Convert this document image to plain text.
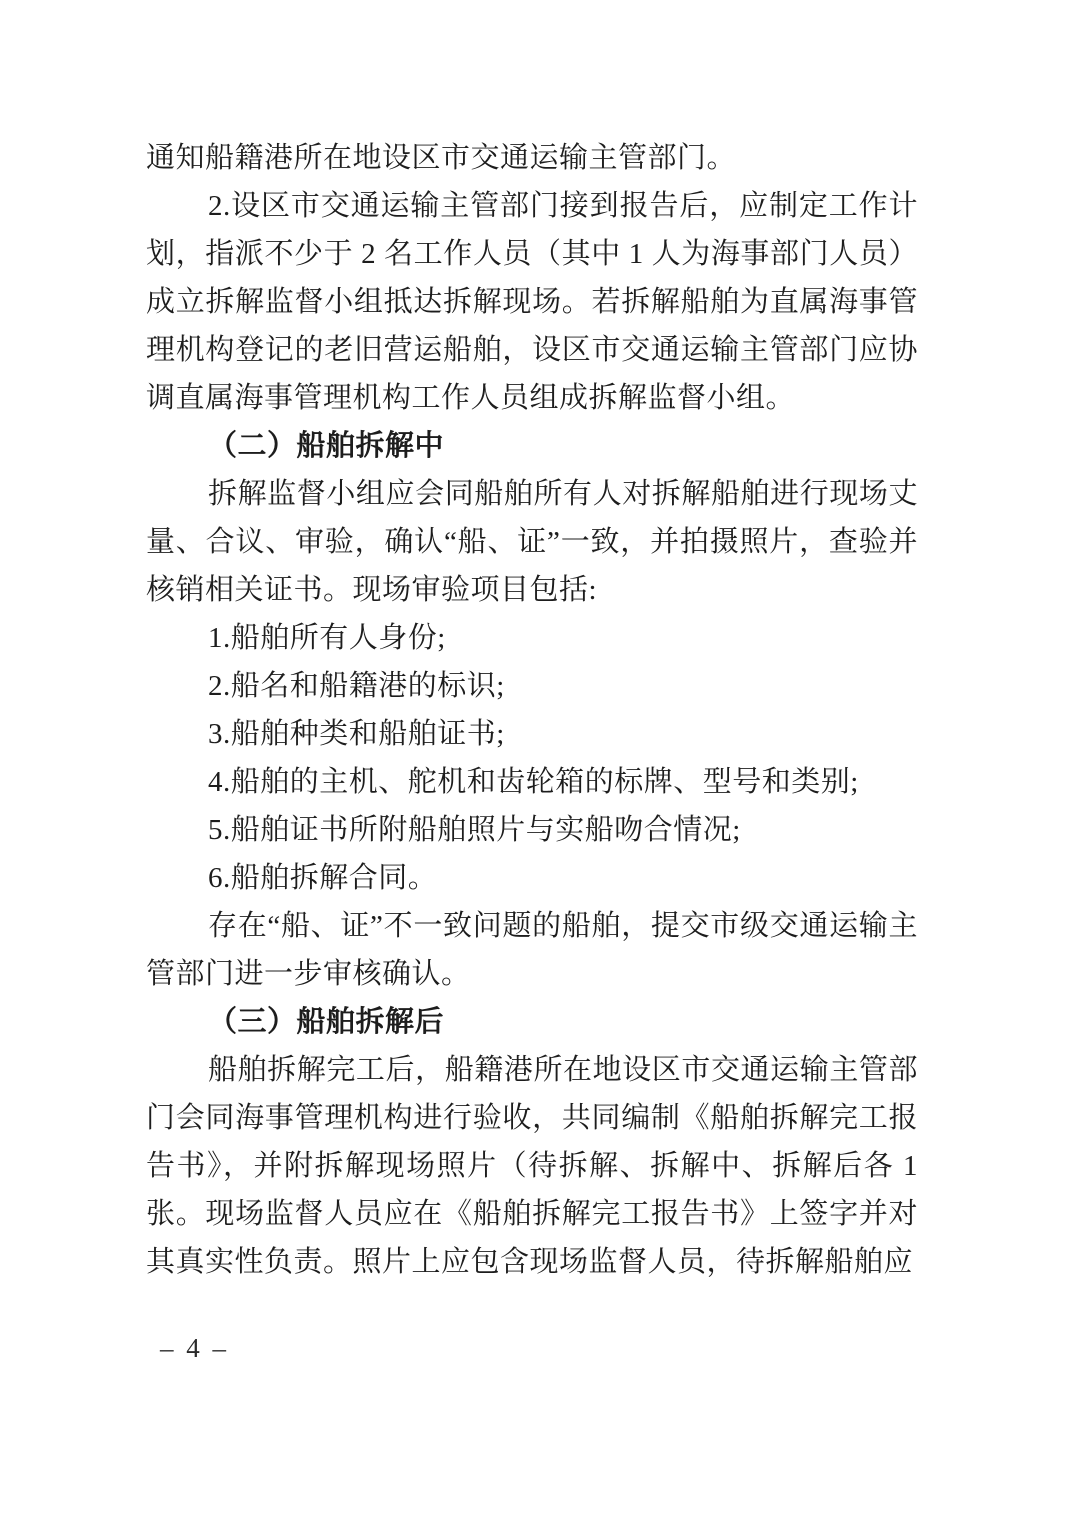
通知船籍港所在地设区市交通运输主管部门。

2.设区市交通运输主管部门接到报告后，应制定工作计划，指派不少于 2 名工作人员（其中 1 人为海事部门人员）成立拆解监督小组抵达拆解现场。若拆解船舶为直属海事管理机构登记的老旧营运船舶，设区市交通运输主管部门应协调直属海事管理机构工作人员组成拆解监督小组。

（二）船舶拆解中

拆解监督小组应会同船舶所有人对拆解船舶进行现场丈量、合议、审验，确认“船、证”一致，并拍摄照片，查验并核销相关证书。现场审验项目包括:

1.船舶所有人身份;

2.船名和船籍港的标识;

3.船舶种类和船舶证书;

4.船舶的主机、舵机和齿轮箱的标牌、型号和类别;

5.船舶证书所附船舶照片与实船吻合情况;

6.船舶拆解合同。

存在“船、证”不一致问题的船舶，提交市级交通运输主管部门进一步审核确认。

（三）船舶拆解后

船舶拆解完工后，船籍港所在地设区市交通运输主管部门会同海事管理机构进行验收，共同编制《船舶拆解完工报告书》，并附拆解现场照片（待拆解、拆解中、拆解后各 1 张。现场监督人员应在《船舶拆解完工报告书》上签字并对其真实性负责。照片上应包含现场监督人员，待拆解船舶应

– 4 –
